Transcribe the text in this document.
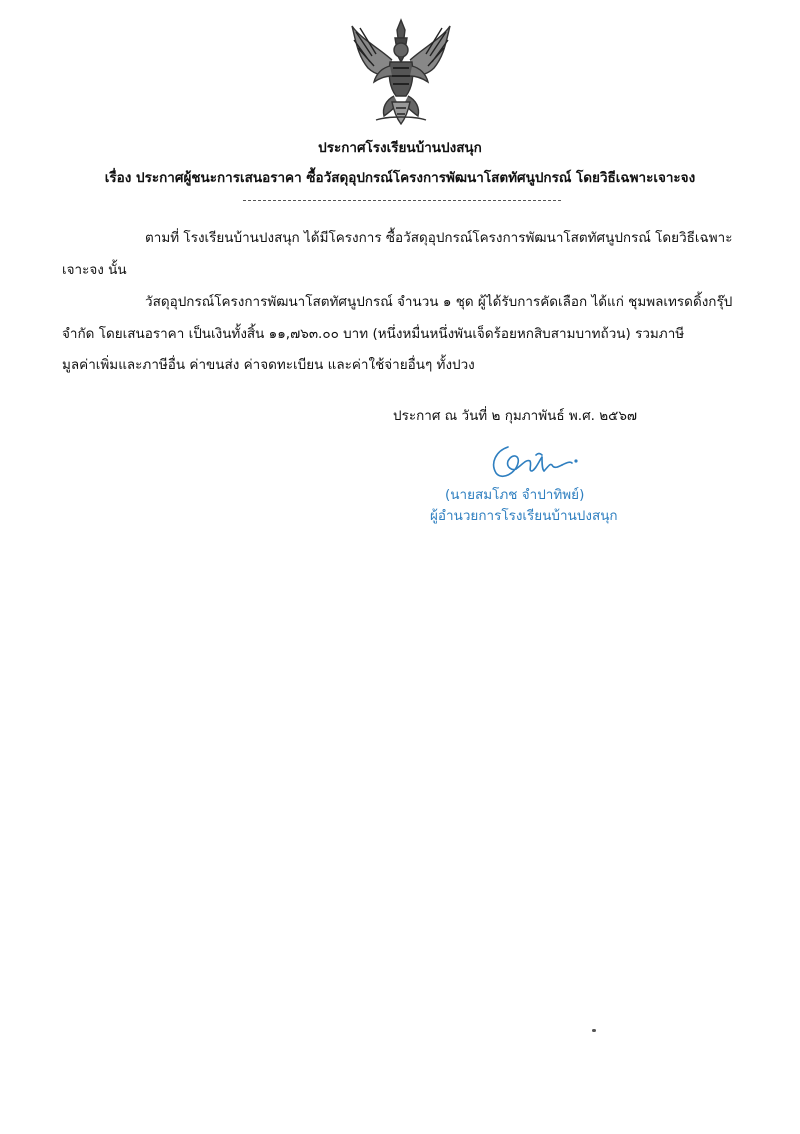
ประกาศโรงเรียนบ้านปงสนุก
เรื่อง ประกาศผู้ชนะการเสนอราคา ซื้อวัสดุอุปกรณ์โครงการพัฒนาโสตทัศนูปกรณ์ โดยวิธีเฉพาะเจาะจง
ตามที่ โรงเรียนบ้านปงสนุก ได้มีโครงการ ซื้อวัสดุอุปกรณ์โครงการพัฒนาโสตทัศนูปกรณ์ โดยวิธีเฉพาะ
เจาะจง นั้น
วัสดุอุปกรณ์โครงการพัฒนาโสตทัศนูปกรณ์ จำนวน ๑ ชุด ผู้ได้รับการคัดเลือก ได้แก่ ชุมพลเทรดดิ้งกรุ๊ป
จำกัด โดยเสนอราคา เป็นเงินทั้งสิ้น ๑๑,๗๖๓.๐๐ บาท (หนึ่งหมื่นหนึ่งพันเจ็ดร้อยหกสิบสามบาทถ้วน) รวมภาษี
มูลค่าเพิ่มและภาษีอื่น ค่าขนส่ง ค่าจดทะเบียน และค่าใช้จ่ายอื่นๆ ทั้งปวง
ประกาศ ณ วันที่ ๒ กุมภาพันธ์ พ.ศ. ๒๕๖๗
(นายสมโภช จำปาทิพย์)
ผู้อำนวยการโรงเรียนบ้านปงสนุก
